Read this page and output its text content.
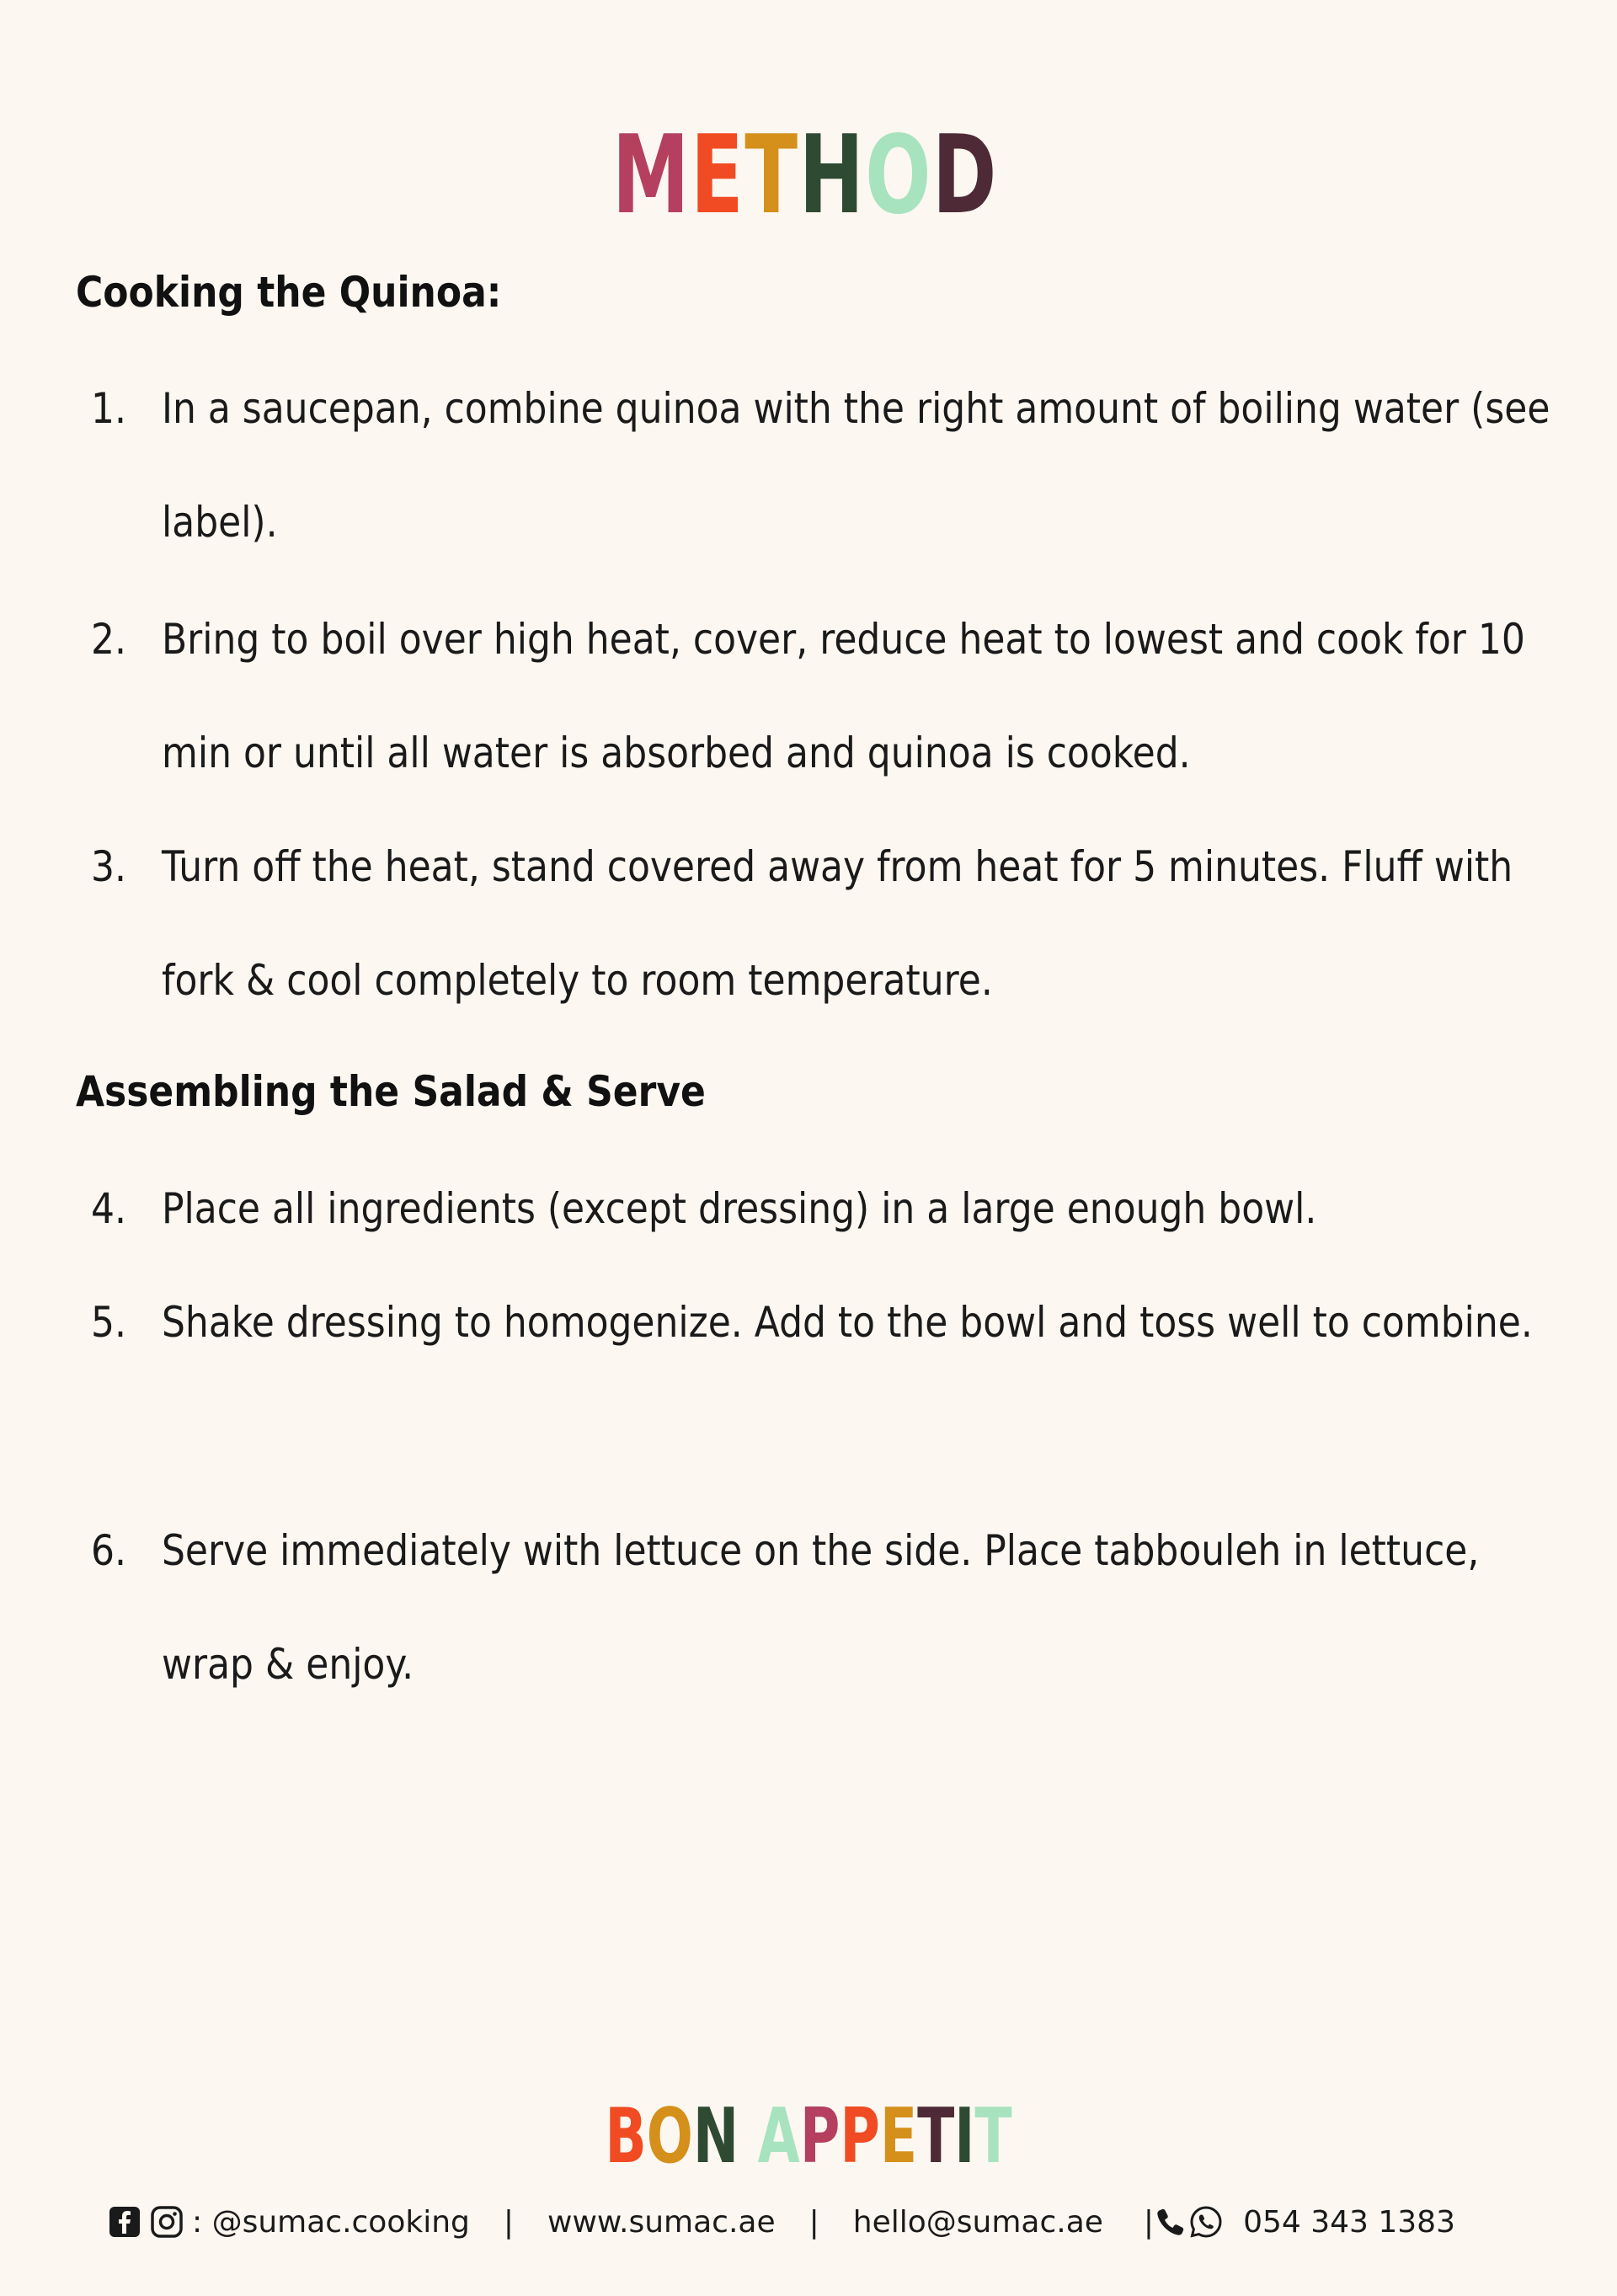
METHOD
Cooking the Quinoa:
1. In a saucepan, combine quinoa with the right amount of boiling water (see label).
2. Bring to boil over high heat, cover, reduce heat to lowest and cook for 10 min or until all water is absorbed and quinoa is cooked.
3. Turn off the heat, stand covered away from heat for 5 minutes. Fluff with fork & cool completely to room temperature.
Assembling the Salad & Serve
4. Place all ingredients (except dressing) in a large enough bowl.
5. Shake dressing to homogenize. Add to the bowl and toss well to combine.
6. Serve immediately with lettuce on the side. Place tabbouleh in lettuce, wrap & enjoy.
BON APPETIT
: @sumac.cooking | www.sumac.ae | hello@sumac.ae |	054 343 1383
